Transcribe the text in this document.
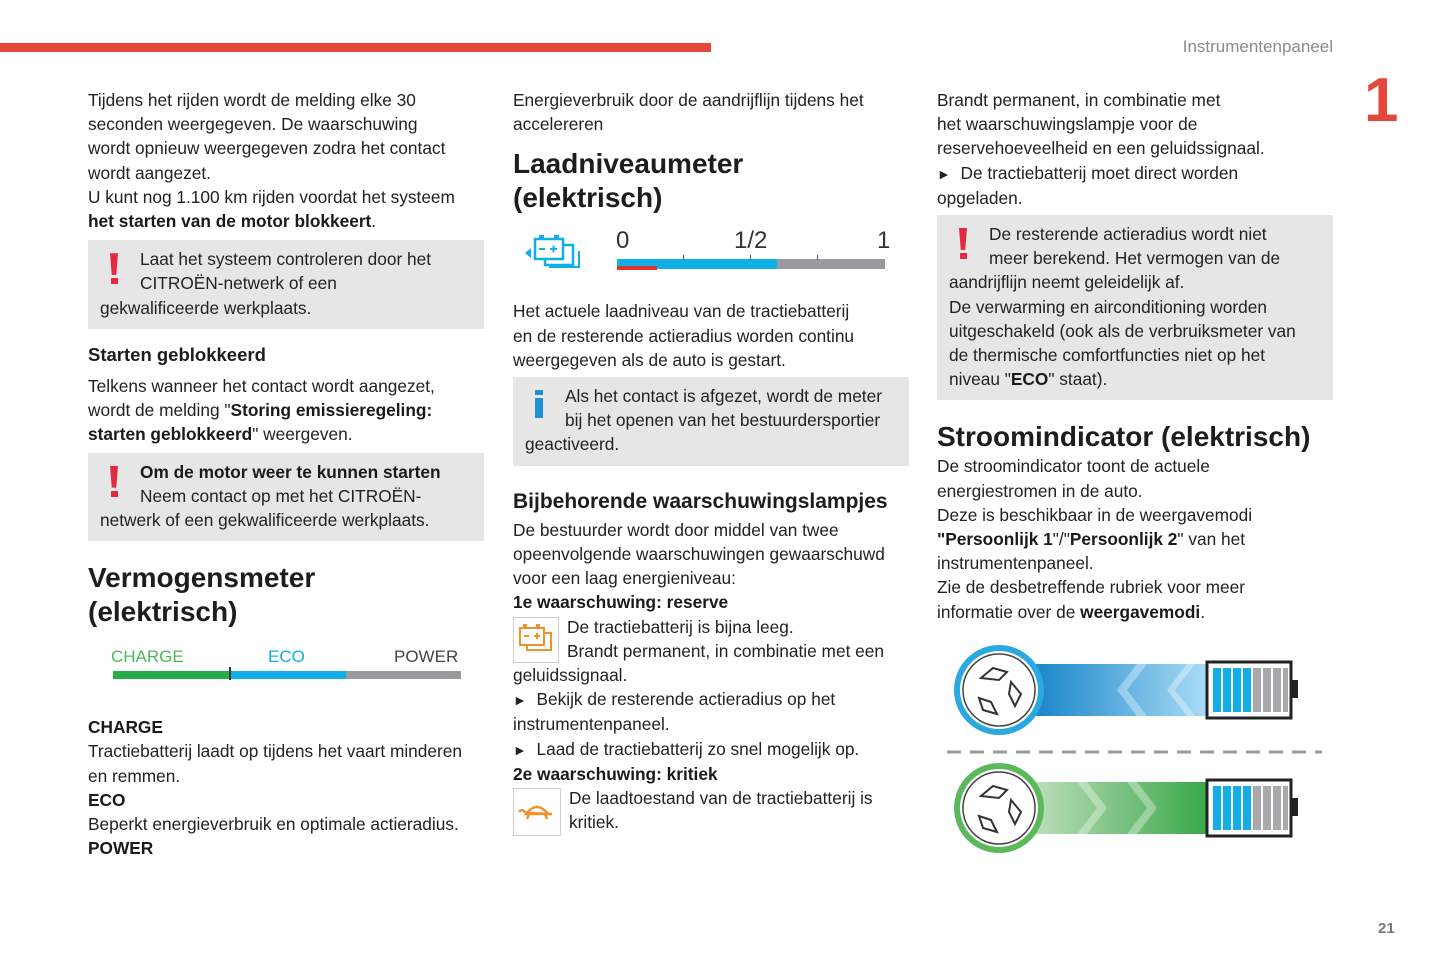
Instrumentenpaneel
1
21

Tijdens het rijden wordt de melding elke 30
seconden weergegeven. De waarschuwing
wordt opnieuw weergegeven zodra het contact
wordt aangezet.
U kunt nog 1.100 km rijden voordat het systeem
het starten van de motor blokkeert.

Laat het systeem controleren door het
CITROËN-netwerk of een
gekwalificeerde werkplaats.
Starten geblokkeerd

Telkens wanneer het contact wordt aangezet,
wordt de melding "Storing emissieregeling:
starten geblokkeerd" weergeven.

Om de motor weer te kunnen starten
Neem contact op met het CITROËN-
netwerk of een gekwalificeerde werkplaats.
Vermogensmeter
(elektrisch)
CHARGE	ECO	POWER
CHARGE
Tractiebatterij laadt op tijdens het vaart minderen
en remmen.
ECO
Beperkt energieverbruik en optimale actieradius.
POWER

Energieverbruik door de aandrijflijn tijdens het
accelereren

Laadniveaumeter
(elektrisch)
0	1/2	1

Het actuele laadniveau van de tractiebatterij
en de resterende actieradius worden continu
weergegeven als de auto is gestart.

Als het contact is afgezet, wordt de meter
bij het openen van het bestuurdersportier
geactiveerd.
Bijbehorende waarschuwingslampjes

De bestuurder wordt door middel van twee
opeenvolgende waarschuwingen gewaarschuwd
voor een laag energieniveau:

1e waarschuwing: reserve
De tractiebatterij is bijna leeg.
Brandt permanent, in combinatie met een
geluidssignaal.
► Bekijk de resterende actieradius op het
instrumentenpaneel.
► Laad de tractiebatterij zo snel mogelijk op.
2e waarschuwing: kritiek
De laadtoestand van de tractiebatterij is
kritiek.

Brandt permanent, in combinatie met
het waarschuwingslampje voor de
reservehoeveelheid en een geluidssignaal.
► De tractiebatterij moet direct worden
opgeladen.

De resterende actieradius wordt niet
meer berekend. Het vermogen van de
aandrijflijn neemt geleidelijk af.
De verwarming en airconditioning worden
uitgeschakeld (ook als de verbruiksmeter van
de thermische comfortfuncties niet op het
niveau "ECO" staat).
Stroomindicator (elektrisch)

De stroomindicator toont de actuele
energiestromen in de auto.
Deze is beschikbaar in de weergavemodi
"Persoonlijk 1"/"Persoonlijk 2" van het
instrumentenpaneel.
Zie de desbetreffende rubriek voor meer
informatie over de weergavemodi.
